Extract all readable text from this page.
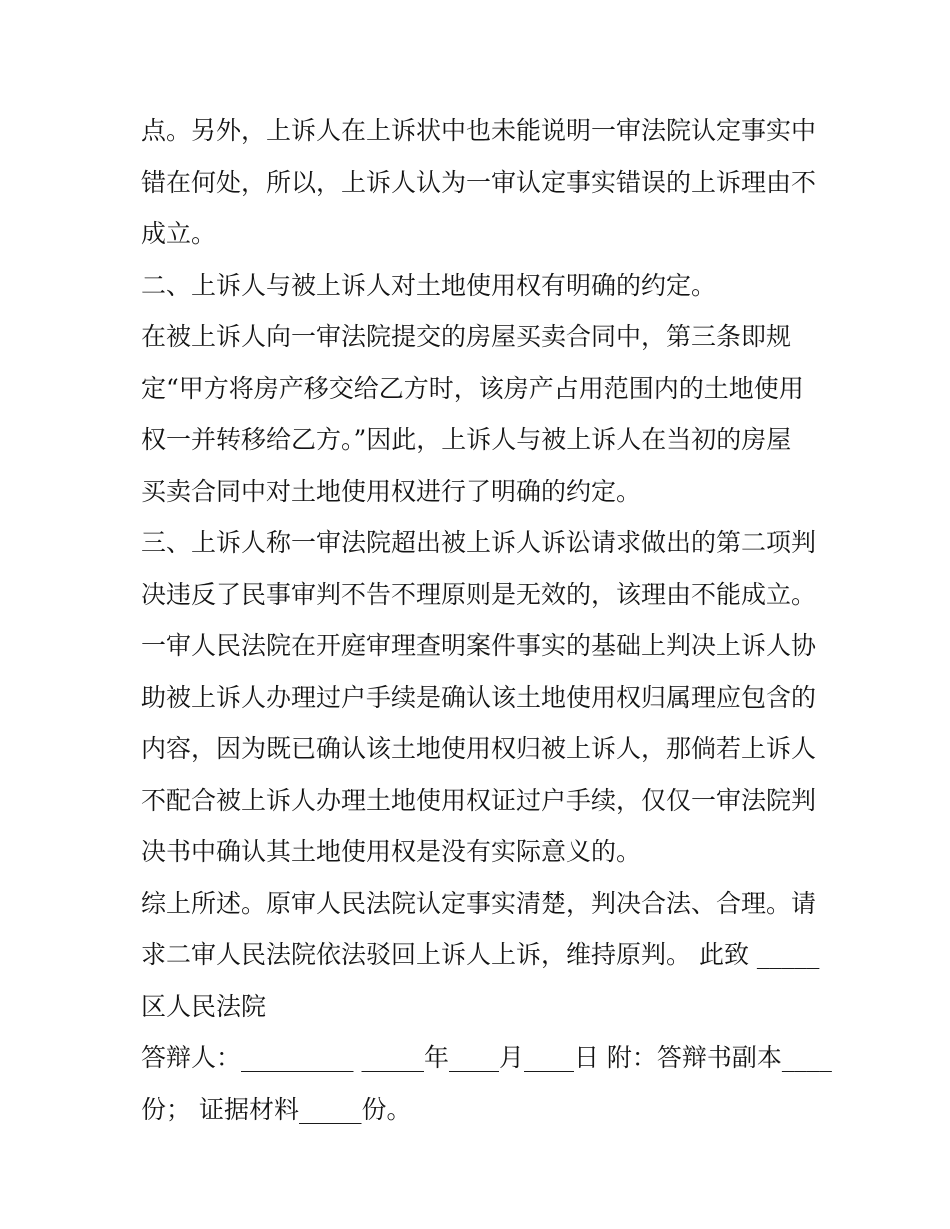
点。另外，上诉人在上诉状中也未能说明一审法院认定事实中
错在何处，所以，上诉人认为一审认定事实错误的上诉理由不
成立。
二、上诉人与被上诉人对土地使用权有明确的约定。
在被上诉人向一审法院提交的房屋买卖合同中，第三条即规
定“甲方将房产移交给乙方时，该房产占用范围内的土地使用
权一并转移给乙方。”因此，上诉人与被上诉人在当初的房屋
买卖合同中对土地使用权进行了明确的约定。
三、上诉人称一审法院超出被上诉人诉讼请求做出的第二项判
决违反了民事审判不告不理原则是无效的，该理由不能成立。
一审人民法院在开庭审理查明案件事实的基础上判决上诉人协
助被上诉人办理过户手续是确认该土地使用权归属理应包含的
内容，因为既已确认该土地使用权归被上诉人，那倘若上诉人
不配合被上诉人办理土地使用权证过户手续，仅仅一审法院判
决书中确认其土地使用权是没有实际意义的。
综上所述。原审人民法院认定事实清楚，判决合法、合理。请
求二审人民法院依法驳回上诉人上诉，维持原判。 此致 _____
区人民法院
答辩人：_________ _____年____月____日 附：答辩书副本____
份； 证据材料_____份。
